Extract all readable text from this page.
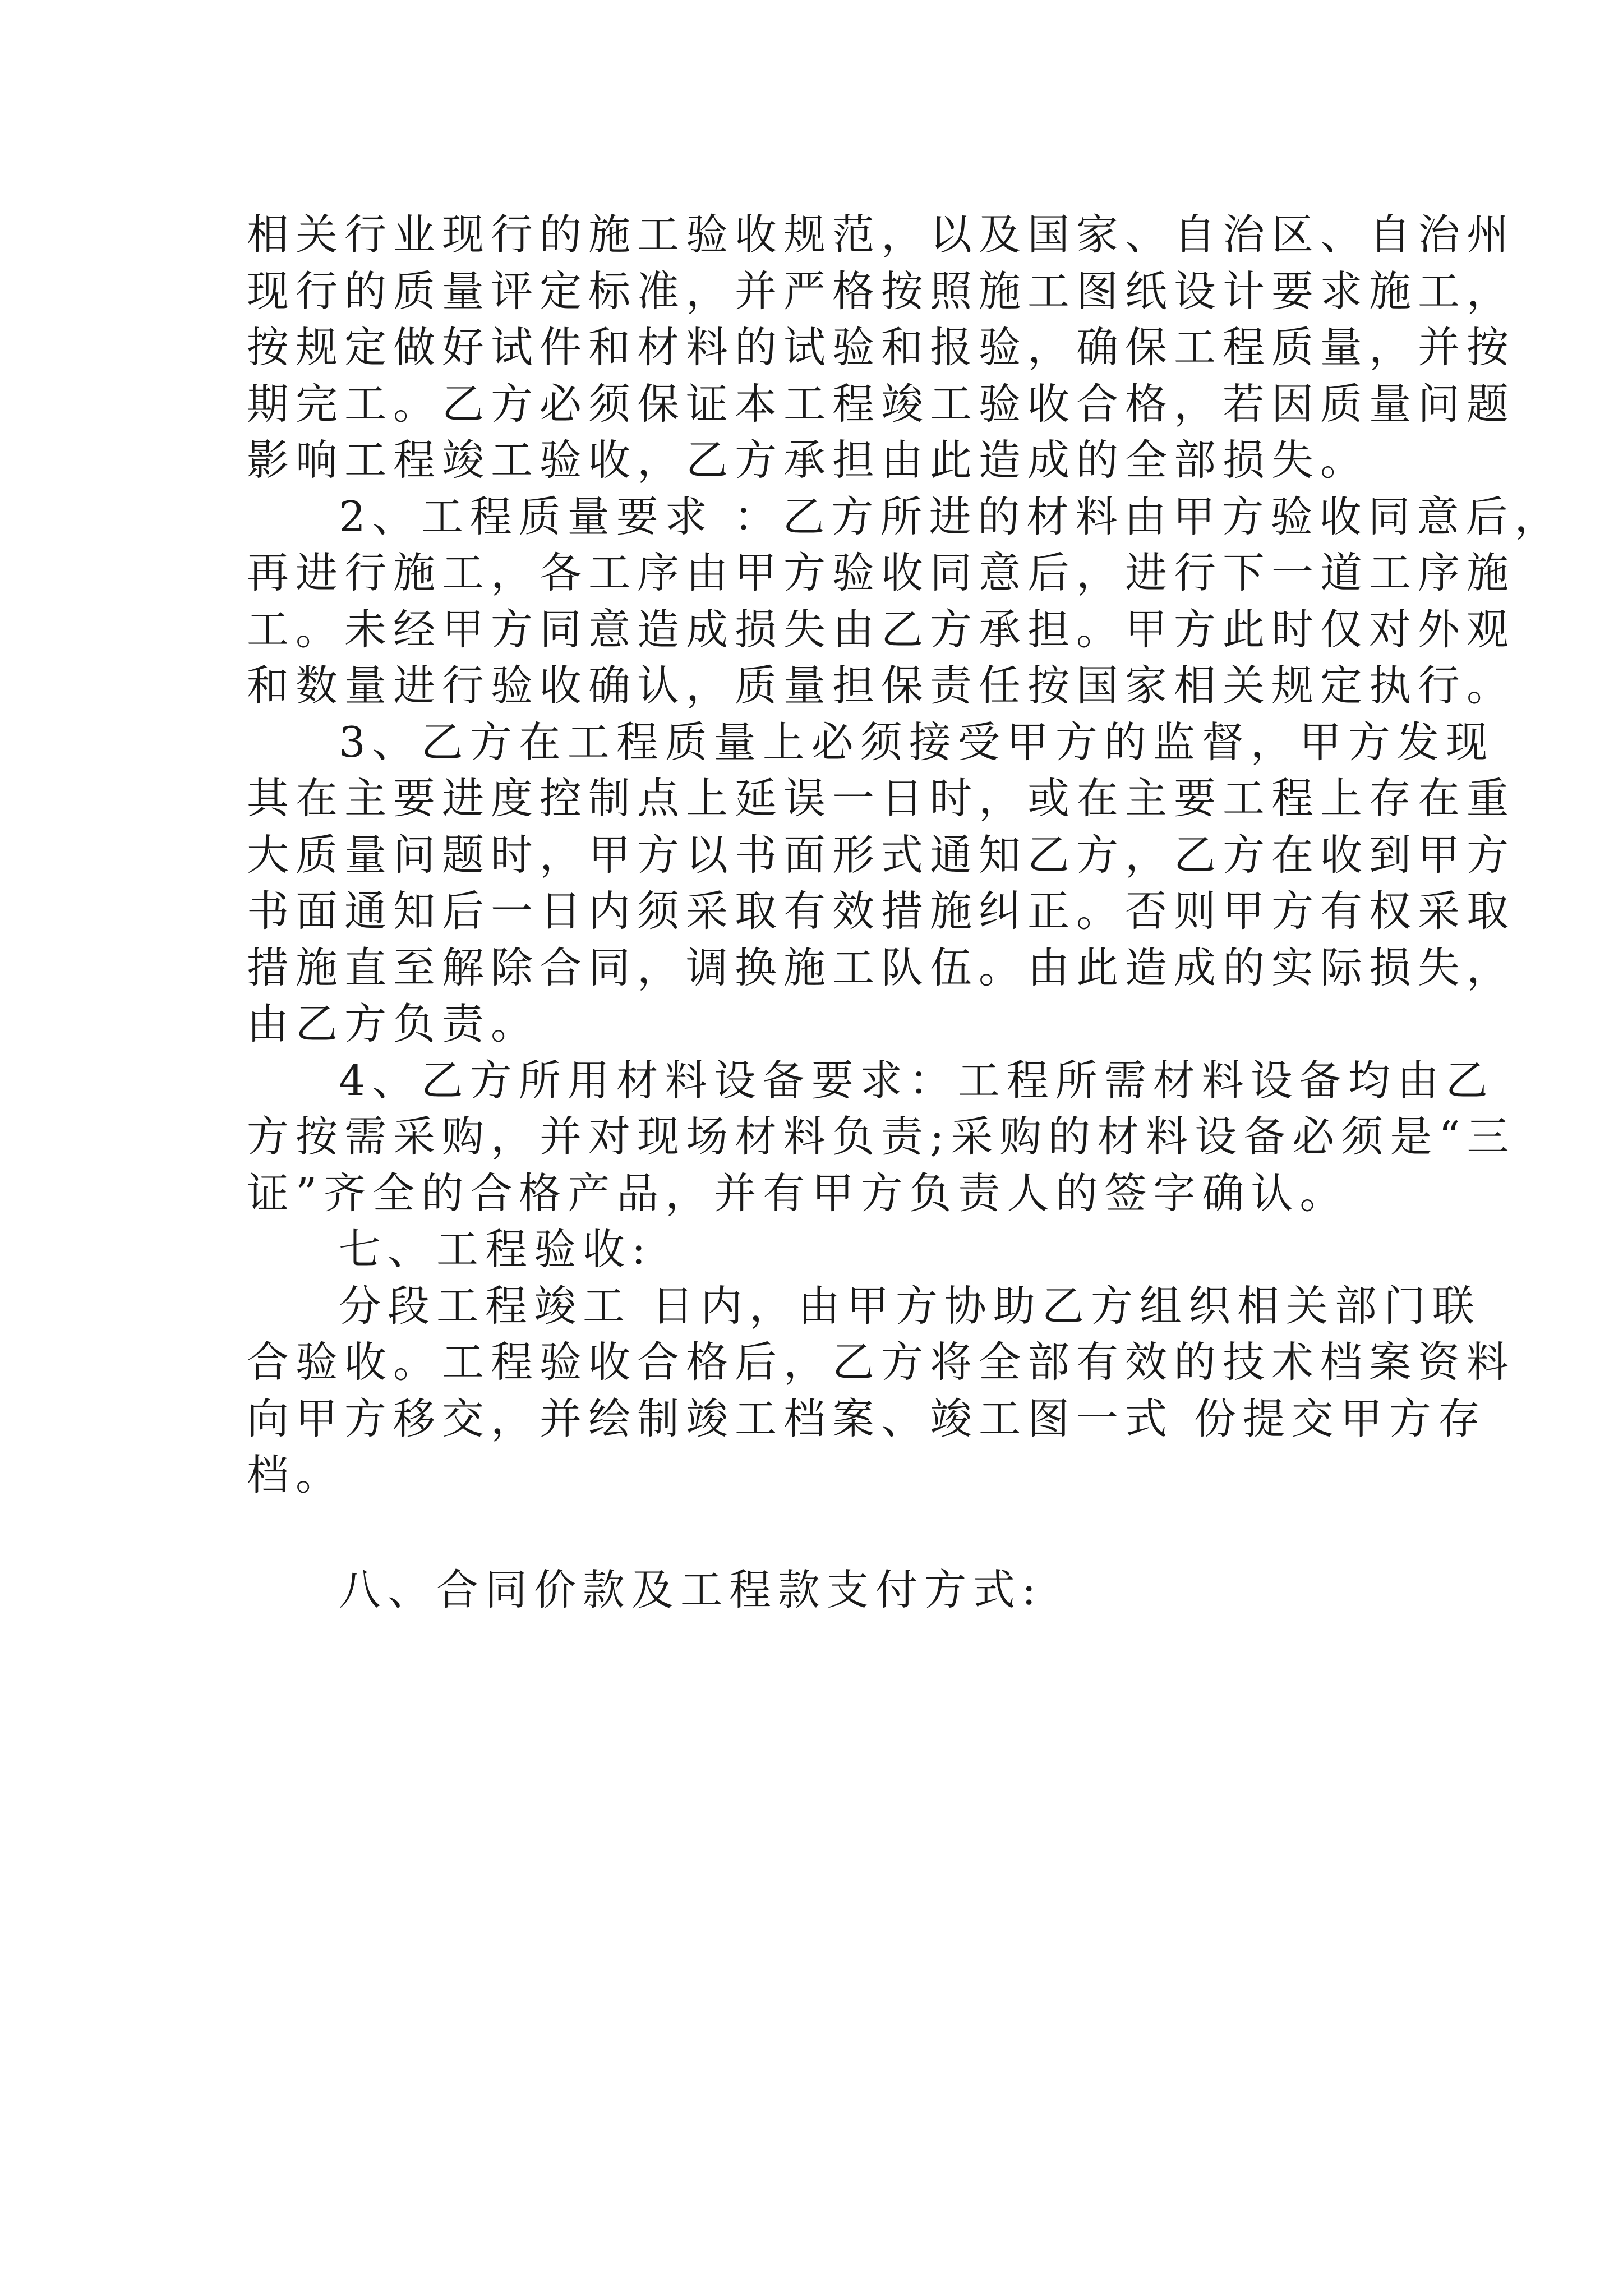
相关行业现行的施工验收规范，以及国家、自治区、自治州
现行的质量评定标准，并严格按照施工图纸设计要求施工，
按规定做好试件和材料的试验和报验，确保工程质量，并按
期完工。乙方必须保证本工程竣工验收合格，若因质量问题
影响工程竣工验收，乙方承担由此造成的全部损失。
2、工程质量要求 ：乙方所进的材料由甲方验收同意后，
再进行施工，各工序由甲方验收同意后，进行下一道工序施
工。未经甲方同意造成损失由乙方承担。甲方此时仅对外观
和数量进行验收确认，质量担保责任按国家相关规定执行。
3、乙方在工程质量上必须接受甲方的监督，甲方发现
其在主要进度控制点上延误一日时，或在主要工程上存在重
大质量问题时，甲方以书面形式通知乙方，乙方在收到甲方
书面通知后一日内须采取有效措施纠正。否则甲方有权采取
措施直至解除合同，调换施工队伍。由此造成的实际损失，
由乙方负责。
4、乙方所用材料设备要求：工程所需材料设备均由乙
方按需采购，并对现场材料负责;采购的材料设备必须是“三
证”齐全的合格产品，并有甲方负责人的签字确认。
七、工程验收:
分段工程竣工 日内，由甲方协助乙方组织相关部门联
合验收。工程验收合格后，乙方将全部有效的技术档案资料
向甲方移交，并绘制竣工档案、竣工图一式 份提交甲方存
档。
八、合同价款及工程款支付方式:
